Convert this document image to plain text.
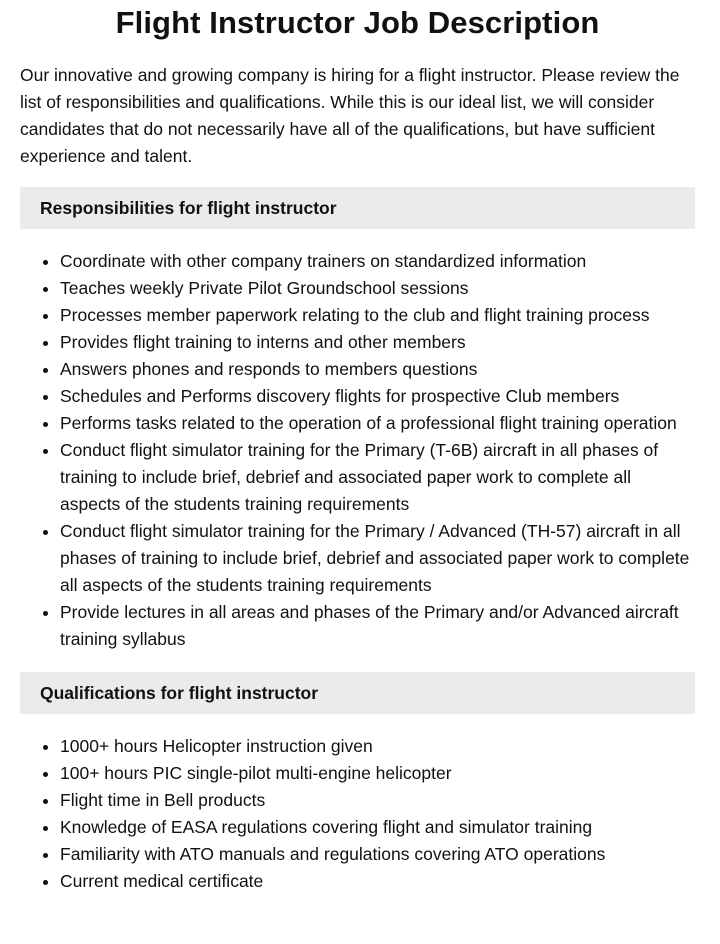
Flight Instructor Job Description

Our innovative and growing company is hiring for a flight instructor. Please review the list of responsibilities and qualifications. While this is our ideal list, we will consider candidates that do not necessarily have all of the qualifications, but have sufficient experience and talent.

Responsibilities for flight instructor
• Coordinate with other company trainers on standardized information
• Teaches weekly Private Pilot Groundschool sessions
• Processes member paperwork relating to the club and flight training process
• Provides flight training to interns and other members
• Answers phones and responds to members questions
• Schedules and Performs discovery flights for prospective Club members
• Performs tasks related to the operation of a professional flight training operation
• Conduct flight simulator training for the Primary (T-6B) aircraft in all phases of training to include brief, debrief and associated paper work to complete all aspects of the students training requirements
• Conduct flight simulator training for the Primary / Advanced (TH-57) aircraft in all phases of training to include brief, debrief and associated paper work to complete all aspects of the students training requirements
• Provide lectures in all areas and phases of the Primary and/or Advanced aircraft training syllabus
Qualifications for flight instructor
• 1000+ hours Helicopter instruction given
• 100+ hours PIC single-pilot multi-engine helicopter
• Flight time in Bell products
• Knowledge of EASA regulations covering flight and simulator training
• Familiarity with ATO manuals and regulations covering ATO operations
• Current medical certificate
